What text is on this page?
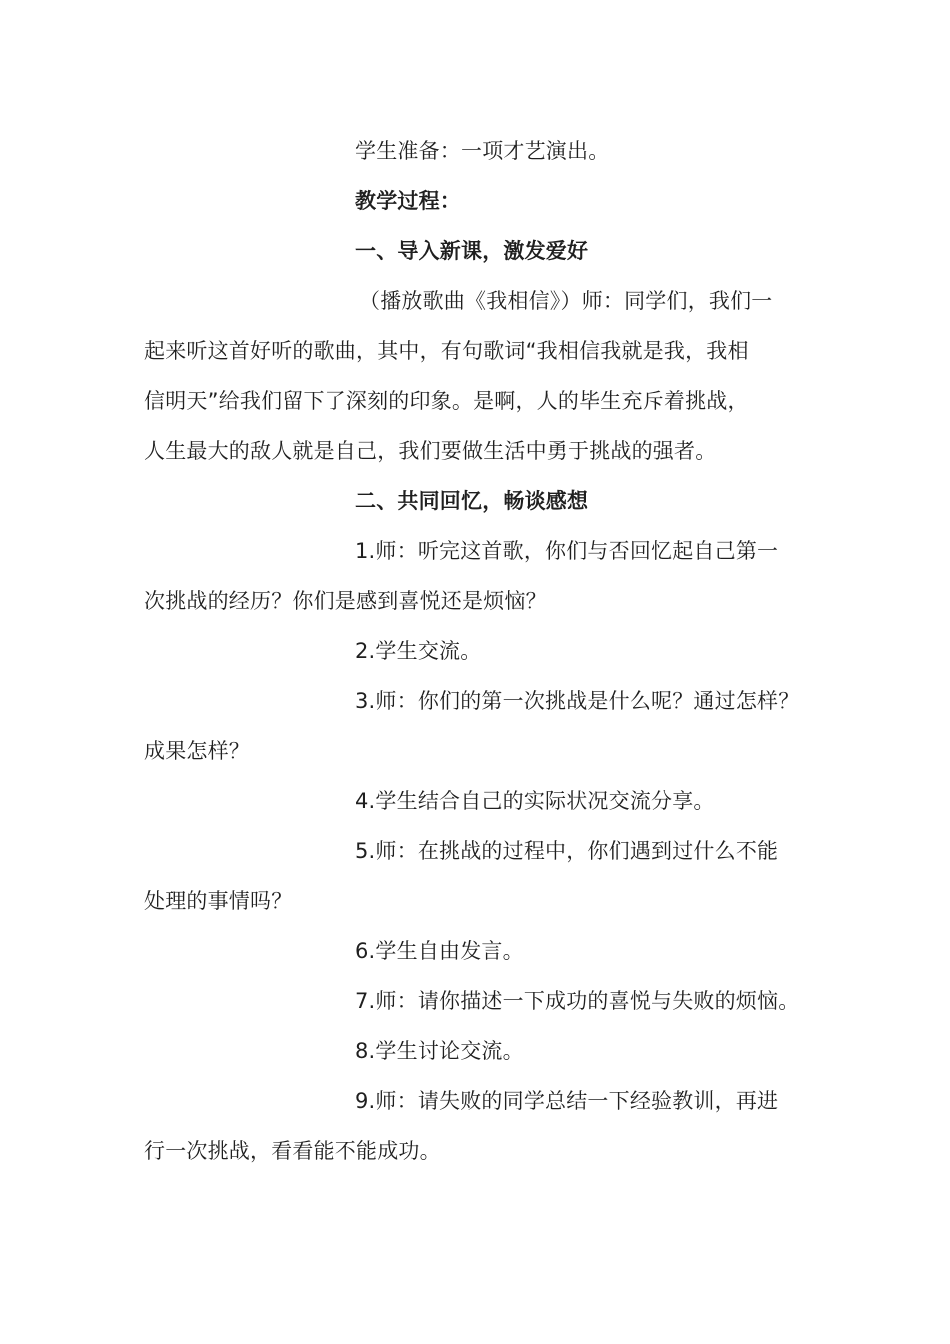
学生准备：一项才艺演出。
教学过程：
一、导入新课，激发爱好
（播放歌曲《我相信》）师：同学们，我们一
起来听这首好听的歌曲，其中，有句歌词“我相信我就是我，我相
信明天”给我们留下了深刻的印象。是啊，人的毕生充斥着挑战，
人生最大的敌人就是自己，我们要做生活中勇于挑战的强者。
二、共同回忆，畅谈感想
1.师：听完这首歌，你们与否回忆起自己第一
次挑战的经历？你们是感到喜悦还是烦恼？
2.学生交流。
3.师：你们的第一次挑战是什么呢？通过怎样？
成果怎样？
4.学生结合自己的实际状况交流分享。
5.师：在挑战的过程中，你们遇到过什么不能
处理的事情吗？
6.学生自由发言。
7.师：请你描述一下成功的喜悦与失败的烦恼。
8.学生讨论交流。
9.师：请失败的同学总结一下经验教训，再进
行一次挑战，看看能不能成功。
